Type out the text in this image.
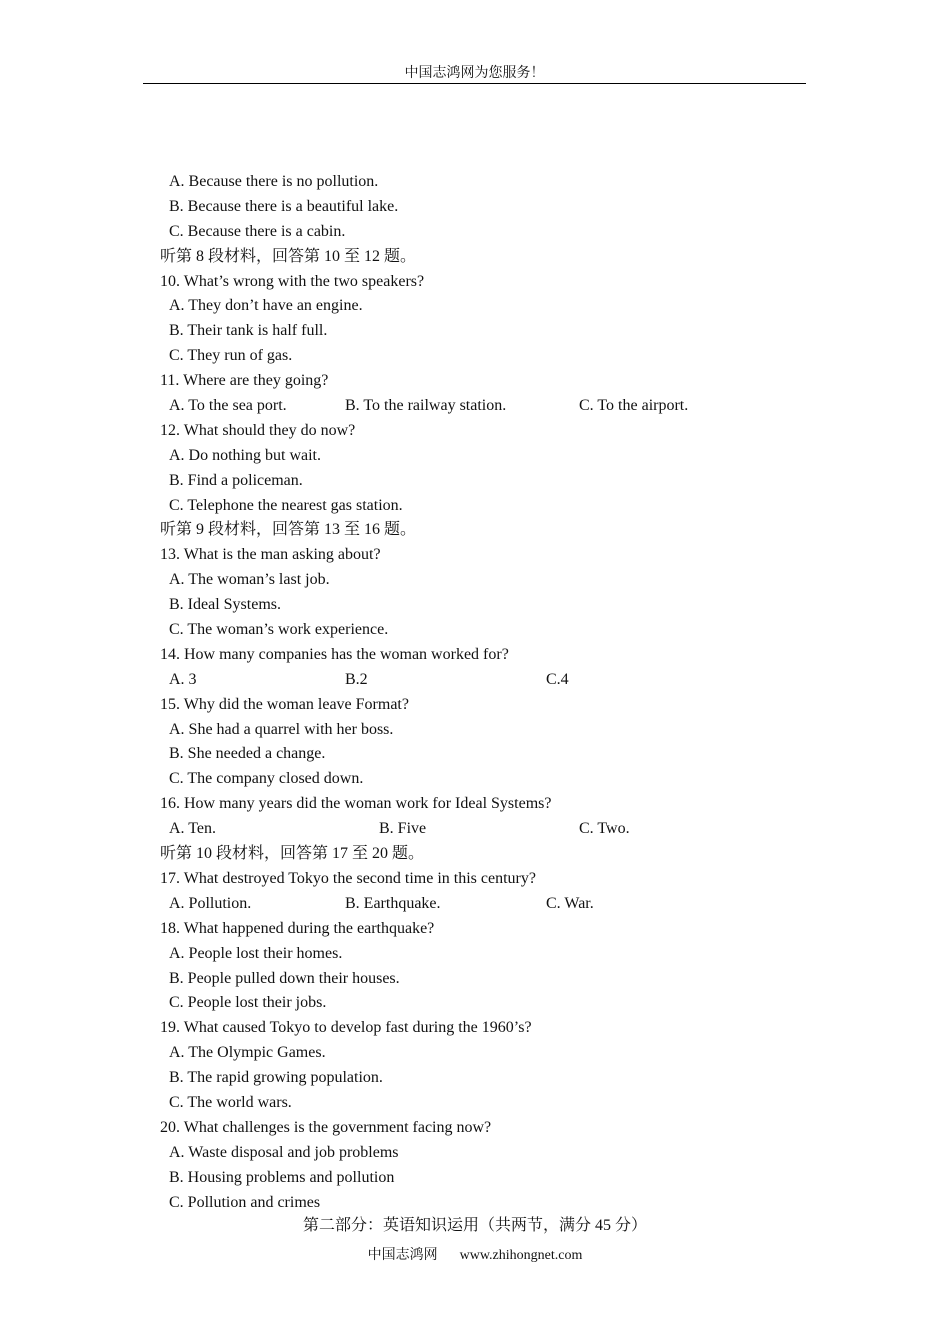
中国志鸿网为您服务！
A. Because there is no pollution.
B. Because there is a beautiful lake.
C. Because there is a cabin.
听第 8 段材料，回答第 10 至 12 题。
10. What’s wrong with the two speakers?
A. They don’t have an engine.
B. Their tank is half full.
C. They run of gas.
11. Where are they going?
A. To the sea port.	B. To the railway station.	C. To the airport.
12. What should they do now?
A. Do nothing but wait.
B. Find a policeman.
C. Telephone the nearest gas station.
听第 9 段材料，回答第 13 至 16 题。
13. What is the man asking about?
A. The woman’s last job.
B. Ideal Systems.
C. The woman’s work experience.
14. How many companies has the woman worked for?
A. 3	B.2	C.4
15. Why did the woman leave Format?
A. She had a quarrel with her boss.
B. She needed a change.
C. The company closed down.
16. How many years did the woman work for Ideal Systems?
A. Ten.	B. Five	C. Two.
听第 10 段材料，回答第 17 至 20 题。
17. What destroyed Tokyo the second time in this century?
A. Pollution.	B. Earthquake.	C. War.
18. What happened during the earthquake?
A. People lost their homes.
B. People pulled down their houses.
C. People lost their jobs.
19. What caused Tokyo to develop fast during the 1960’s?
A. The Olympic Games.
B. The rapid growing population.
C. The world wars.
20. What challenges is the government facing now?
A. Waste disposal and job problems
B. Housing problems and pollution
C. Pollution and crimes
第二部分：英语知识运用（共两节，满分 45 分）
中国志鸿网 www.zhihongnet.com
